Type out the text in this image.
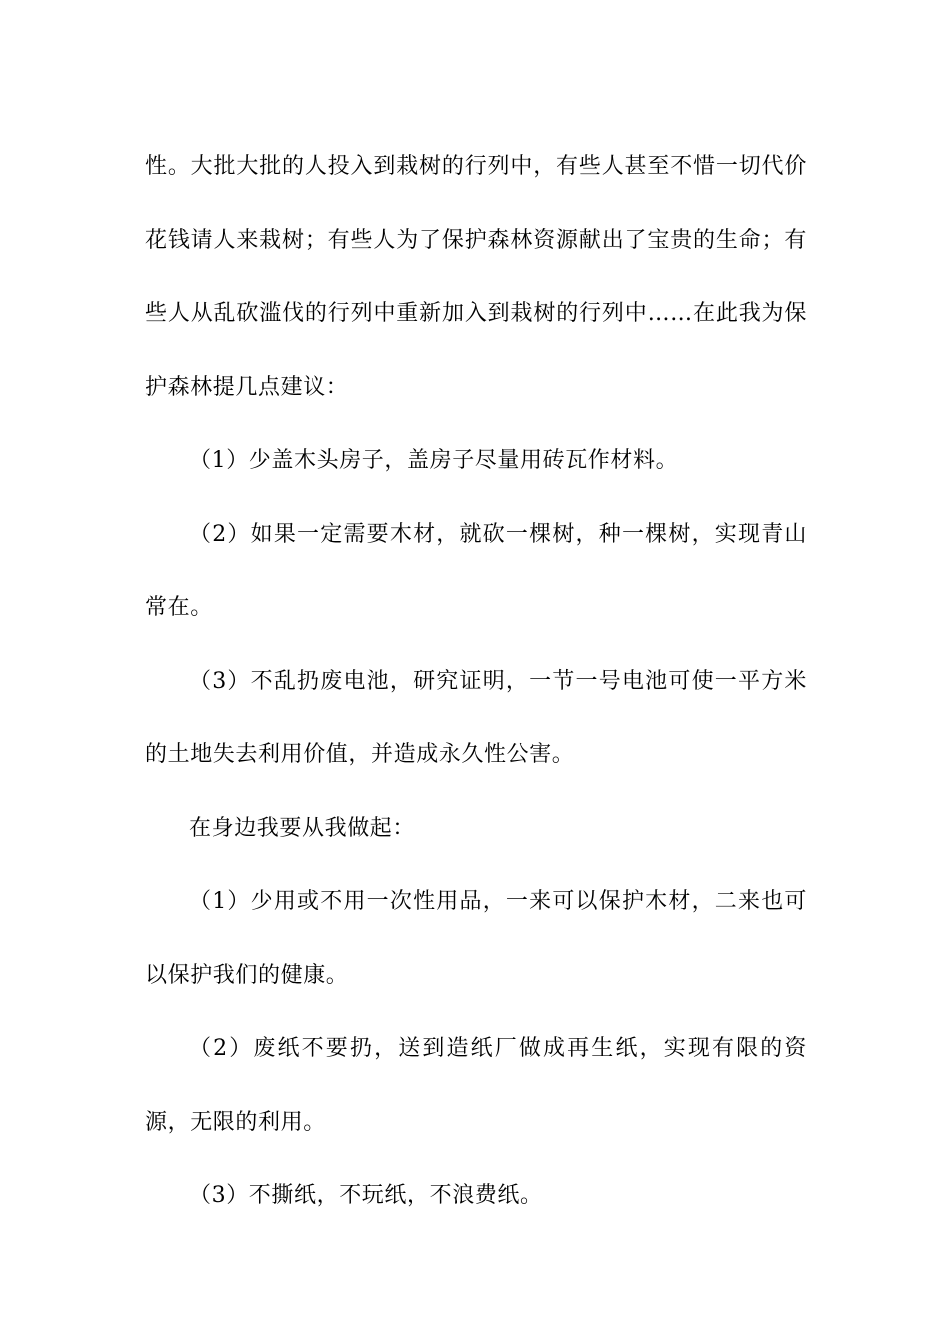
性。大批大批的人投入到栽树的行列中，有些人甚至不惜一切代价花钱请人来栽树；有些人为了保护森林资源献出了宝贵的生命；有些人从乱砍滥伐的行列中重新加入到栽树的行列中……在此我为保护森林提几点建议：

（1）少盖木头房子，盖房子尽量用砖瓦作材料。

（2）如果一定需要木材，就砍一棵树，种一棵树，实现青山常在。

（3）不乱扔废电池，研究证明，一节一号电池可使一平方米的土地失去利用价值，并造成永久性公害。

在身边我要从我做起：

（1）少用或不用一次性用品，一来可以保护木材，二来也可以保护我们的健康。

（2）废纸不要扔，送到造纸厂做成再生纸，实现有限的资源，无限的利用。

（3）不撕纸，不玩纸，不浪费纸。
